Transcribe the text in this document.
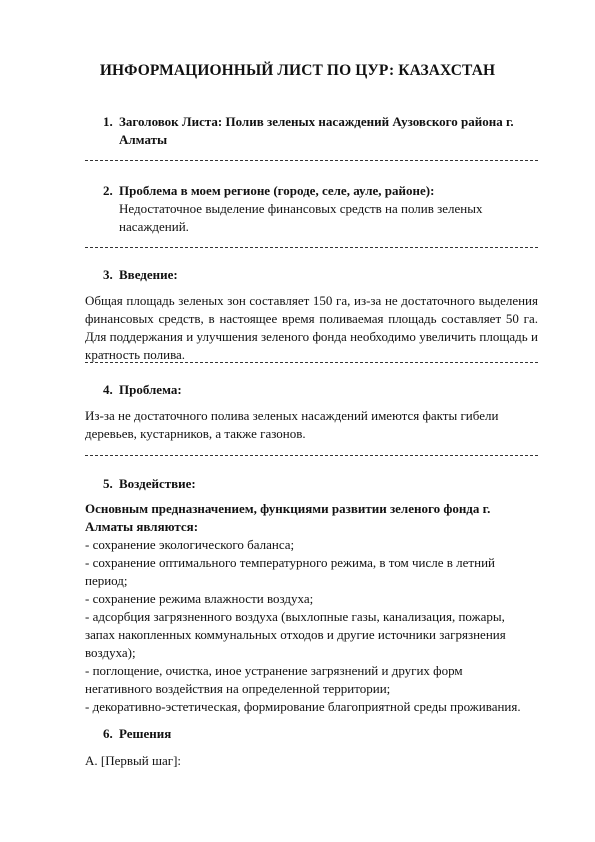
ИНФОРМАЦИОННЫЙ ЛИСТ ПО ЦУР: КАЗАХСТАН
1. Заголовок Листа: Полив зеленых насаждений Аузовского района г. Алматы
2. Проблема в моем регионе (городе, селе, ауле, районе):
Недостаточное выделение финансовых средств на полив зеленых насаждений.
3. Введение:
Общая площадь зеленых зон составляет 150 га, из-за не достаточного выделения финансовых средств, в настоящее время поливаемая площадь составляет 50 га. Для поддержания и улучшения зеленого фонда необходимо увеличить площадь и кратность полива.
4. Проблема:
Из-за не достаточного полива зеленых насаждений имеются факты гибели деревьев, кустарников, а также газонов.
5. Воздействие:
Основным предназначением, функциями развитии зеленого фонда г. Алматы являются:
- сохранение экологического баланса;
- сохранение оптимального температурного режима, в том числе в летний период;
- сохранение режима влажности воздуха;
- адсорбция загрязненного воздуха (выхлопные газы, канализация, пожары, запах накопленных коммунальных отходов и другие источники загрязнения воздуха);
- поглощение, очистка, иное устранение загрязнений и других форм негативного воздействия на определенной территории;
- декоративно-эстетическая, формирование благоприятной среды проживания.
6. Решения
A. [Первый шаг]:
